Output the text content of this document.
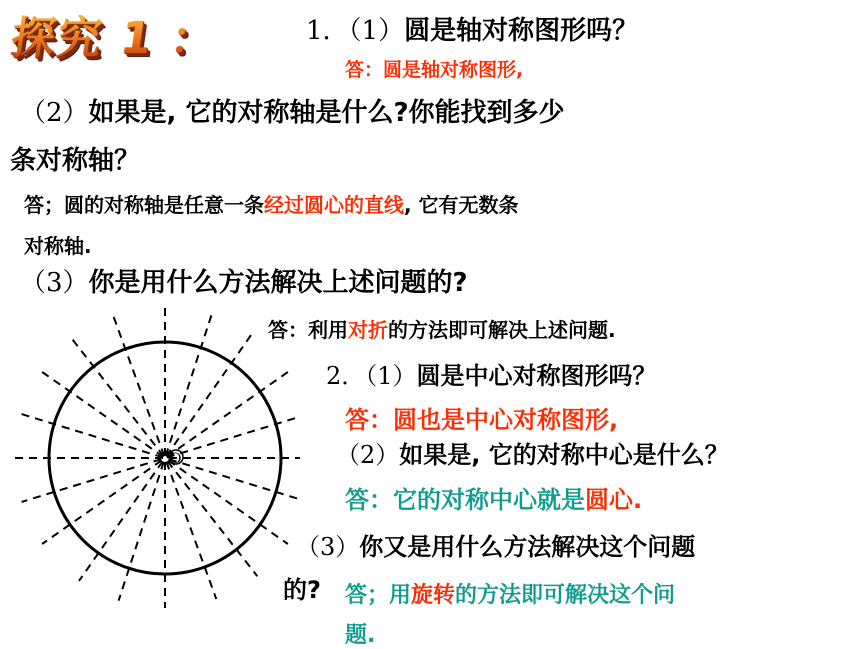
探究 1 ：	1．（1）圆是轴对称图形吗？
答：圆是轴对称图形,
（2）如果是, 它的对称轴是什么?你能找到多少
条对称轴？
答；圆的对称轴是任意一条经过圆心的直线, 它有无数条
对称轴.
（3）你是用什么方法解决上述问题的?
答：利用对折的方法即可解决上述问题.
2．（1）圆是中心对称图形吗？
答：圆也是中心对称图形,
（2）如果是, 它的对称中心是什么？
答：它的对称中心就是圆心.
（3）你又是用什么方法解决这个问题
的? 答；用旋转的方法即可解决这个问
题.
O
